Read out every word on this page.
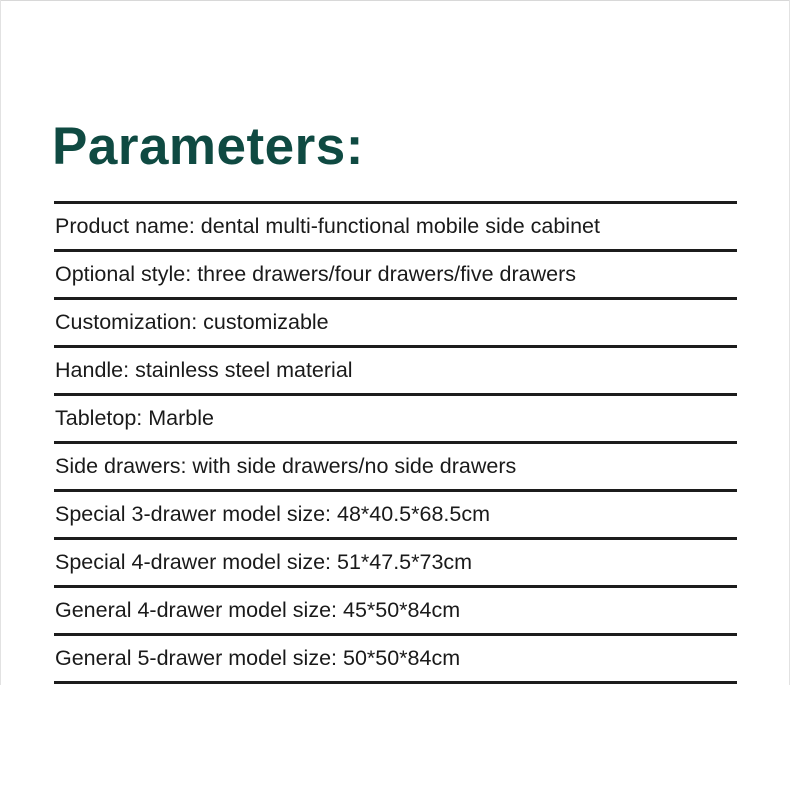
Parameters:
Product name: dental multi-functional mobile side cabinet
Optional style: three drawers/four drawers/five drawers
Customization: customizable
Handle: stainless steel material
Tabletop: Marble
Side drawers: with side drawers/no side drawers
Special 3-drawer model size: 48*40.5*68.5cm
Special 4-drawer model size: 51*47.5*73cm
General 4-drawer model size: 45*50*84cm
General 5-drawer model size: 50*50*84cm
